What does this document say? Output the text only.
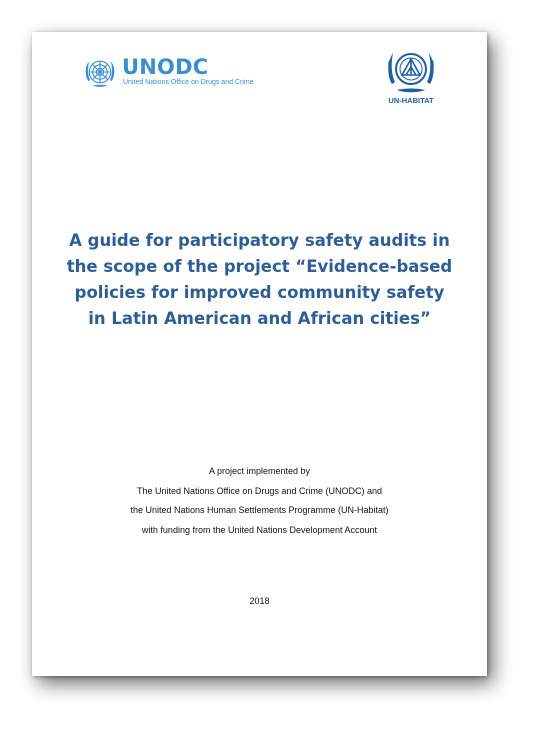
UNODC
United Nations Office on Drugs and Crime
UN-HABITAT
A guide for participatory safety audits in
the scope of the project “Evidence-based
policies for improved community safety
in Latin American and African cities”
A project implemented by
The United Nations Office on Drugs and Crime (UNODC) and
the United Nations Human Settlements Programme (UN-Habitat)
with funding from the United Nations Development Account
2018
